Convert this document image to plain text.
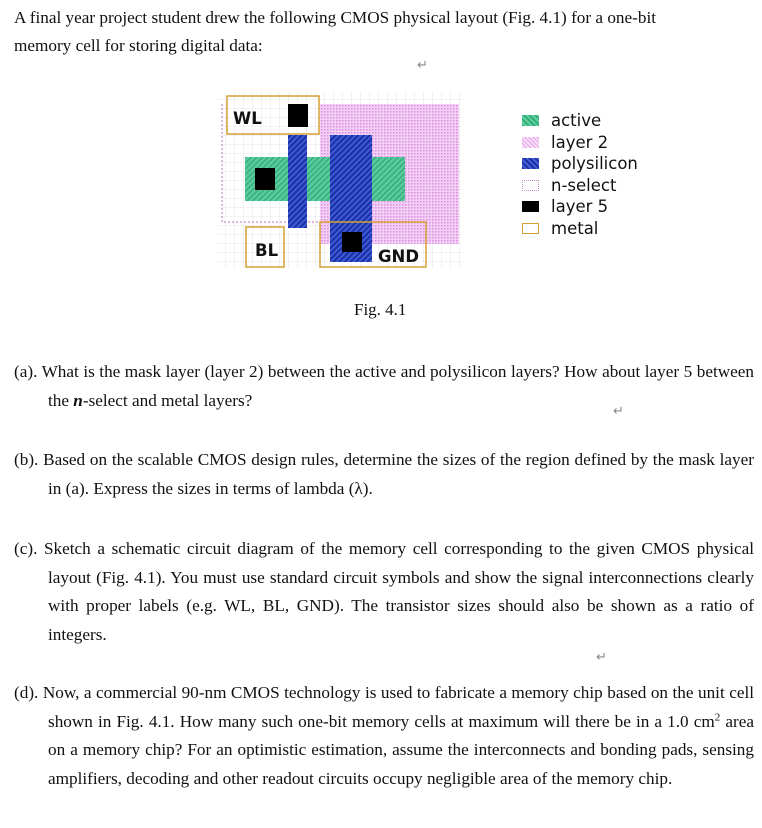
A final year project student drew the following CMOS physical layout (Fig. 4.1) for a one-bit

memory cell for storing digital data:

↵
WL
BL	GND
active
layer 2
polysilicon
n-select
layer 5
metal
Fig. 4.1

(a). What is the mask layer (layer 2) between the active and polysilicon layers? How about layer 5 between the n-select and metal layers?

↵

(b). Based on the scalable CMOS design rules, determine the sizes of the region defined by the mask layer in (a). Express the sizes in terms of lambda (λ).

(c). Sketch a schematic circuit diagram of the memory cell corresponding to the given CMOS physical layout (Fig. 4.1). You must use standard circuit symbols and show the signal interconnections clearly with proper labels (e.g. WL, BL, GND). The transistor sizes should also be shown as a ratio of integers.

↵

(d). Now, a commercial 90-nm CMOS technology is used to fabricate a memory chip based on the unit cell shown in Fig. 4.1. How many such one-bit memory cells at maximum will there be in a 1.0 $cm^2$ area on a memory chip? For an optimistic estimation, assume the interconnects and bonding pads, sensing amplifiers, decoding and other readout circuits occupy negligible area of the memory chip.
